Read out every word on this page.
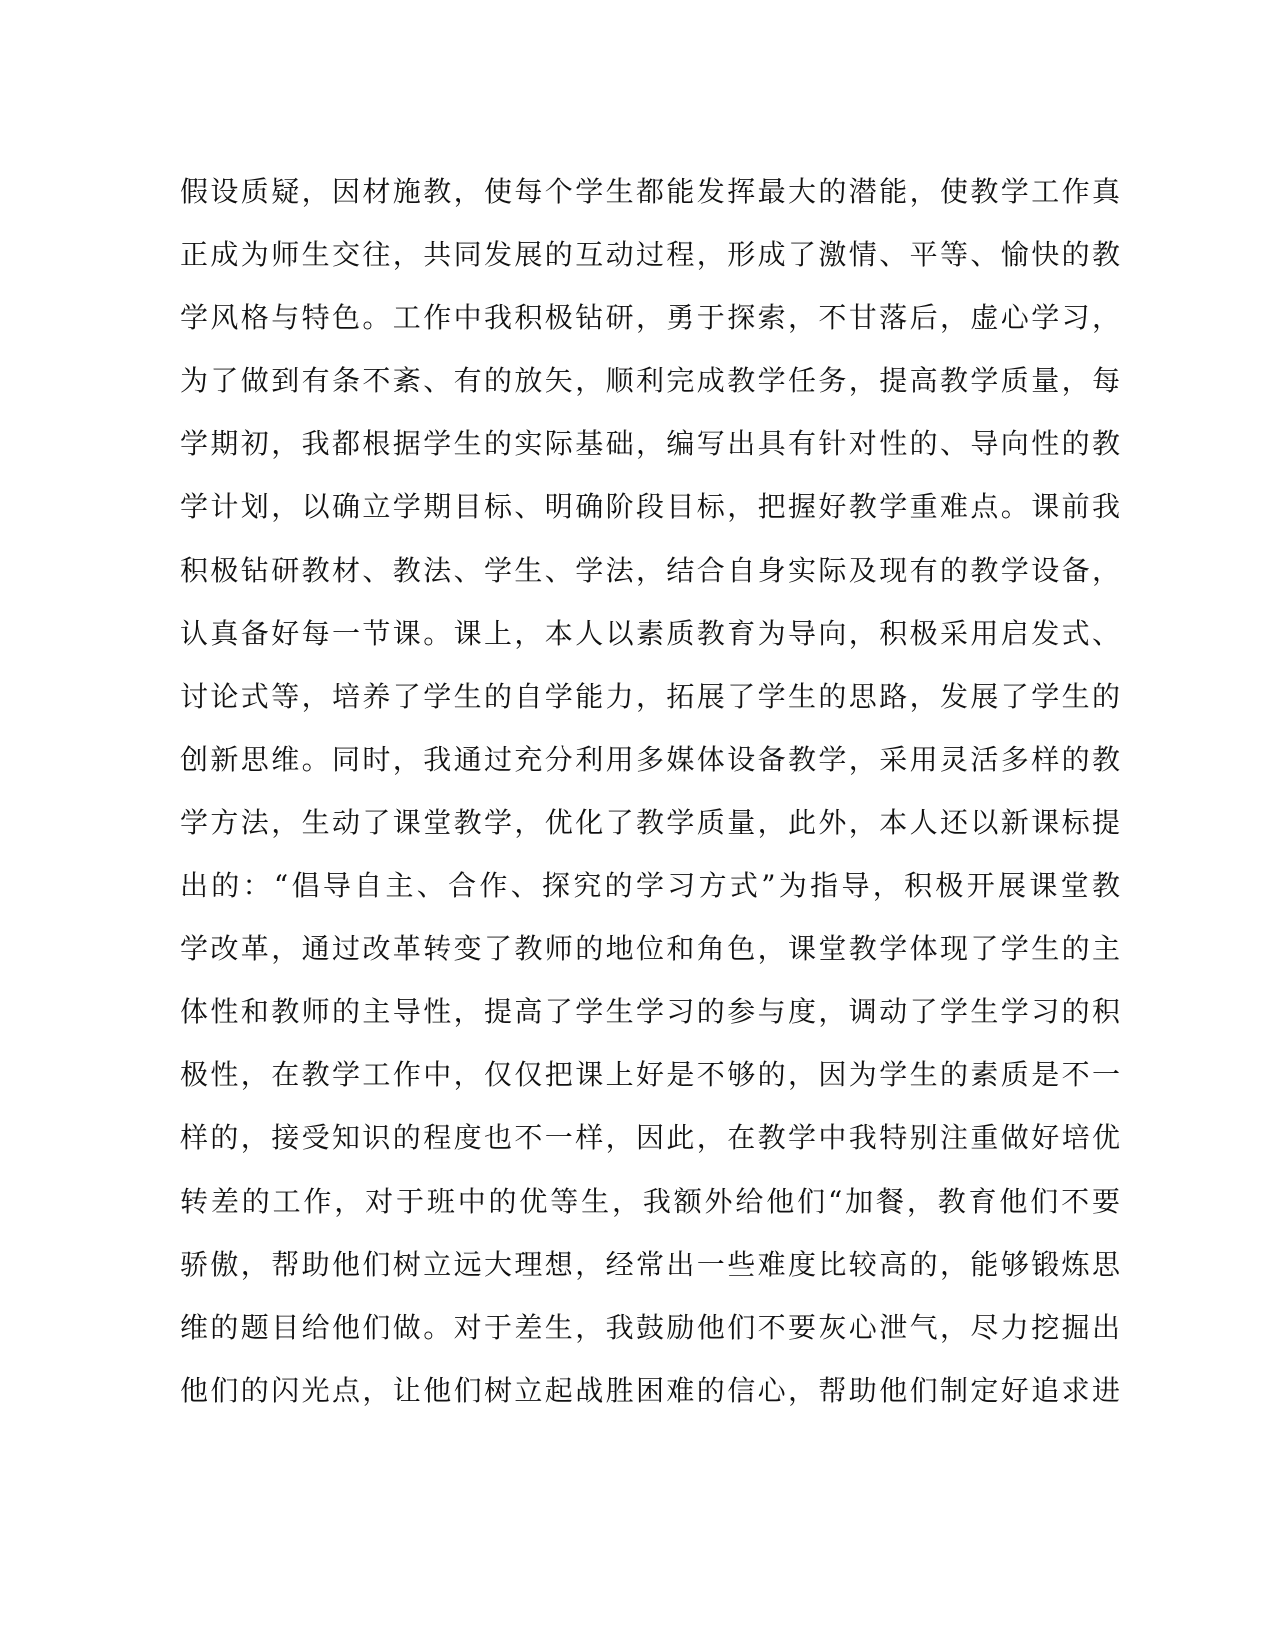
假设质疑，因材施教，使每个学生都能发挥最大的潜能，使教学工作真
正成为师生交往，共同发展的互动过程，形成了激情、平等、愉快的教
学风格与特色。工作中我积极钻研，勇于探索，不甘落后，虚心学习，
为了做到有条不紊、有的放矢，顺利完成教学任务，提高教学质量，每
学期初，我都根据学生的实际基础，编写出具有针对性的、导向性的教
学计划，以确立学期目标、明确阶段目标，把握好教学重难点。课前我
积极钻研教材、教法、学生、学法，结合自身实际及现有的教学设备，
认真备好每一节课。课上，本人以素质教育为导向，积极采用启发式、
讨论式等，培养了学生的自学能力，拓展了学生的思路，发展了学生的
创新思维。同时，我通过充分利用多媒体设备教学，采用灵活多样的教
学方法，生动了课堂教学，优化了教学质量，此外，本人还以新课标提
出的：“倡导自主、合作、探究的学习方式”为指导，积极开展课堂教
学改革，通过改革转变了教师的地位和角色，课堂教学体现了学生的主
体性和教师的主导性，提高了学生学习的参与度，调动了学生学习的积
极性，在教学工作中，仅仅把课上好是不够的，因为学生的素质是不一
样的，接受知识的程度也不一样，因此，在教学中我特别注重做好培优
转差的工作，对于班中的优等生，我额外给他们“加餐，教育他们不要
骄傲，帮助他们树立远大理想，经常出一些难度比较高的，能够锻炼思
维的题目给他们做。对于差生，我鼓励他们不要灰心泄气，尽力挖掘出
他们的闪光点，让他们树立起战胜困难的信心，帮助他们制定好追求进
